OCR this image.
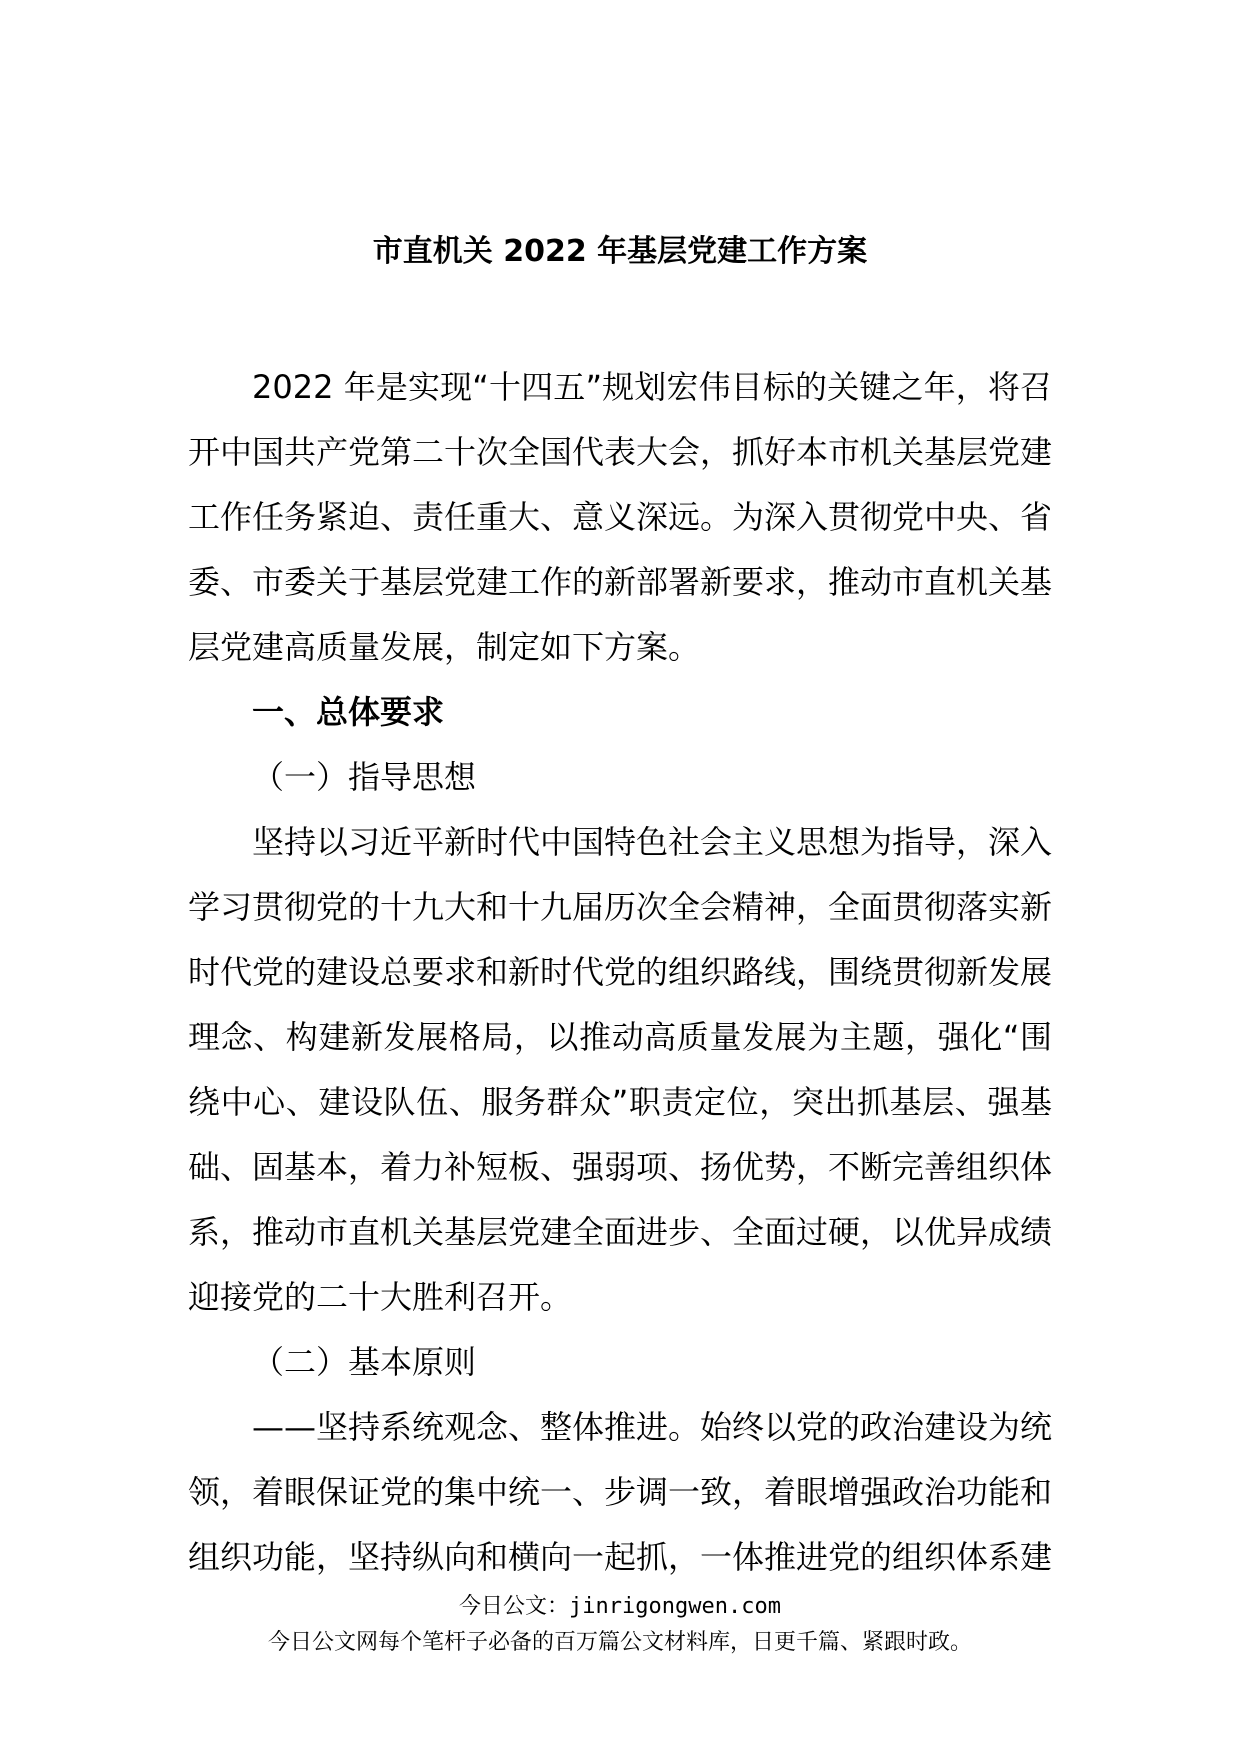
市直机关 2022 年基层党建工作方案

2022 年是实现“十四五”规划宏伟目标的关键之年，将召开中国共产党第二十次全国代表大会，抓好本市机关基层党建工作任务紧迫、责任重大、意义深远。为深入贯彻党中央、省委、市委关于基层党建工作的新部署新要求，推动市直机关基层党建高质量发展，制定如下方案。

一、总体要求

（一）指导思想

坚持以习近平新时代中国特色社会主义思想为指导，深入学习贯彻党的十九大和十九届历次全会精神，全面贯彻落实新时代党的建设总要求和新时代党的组织路线，围绕贯彻新发展理念、构建新发展格局，以推动高质量发展为主题，强化“围绕中心、建设队伍、服务群众”职责定位，突出抓基层、强基础、固基本，着力补短板、强弱项、扬优势，不断完善组织体系，推动市直机关基层党建全面进步、全面过硬，以优异成绩迎接党的二十大胜利召开。

（二）基本原则

——坚持系统观念、整体推进。始终以党的政治建设为统领，着眼保证党的集中统一、步调一致，着眼增强政治功能和组织功能，坚持纵向和横向一起抓，一体推进党的组织体系建

今日公文：jinrigongwen.com
今日公文网每个笔杆子必备的百万篇公文材料库，日更千篇、紧跟时政。
